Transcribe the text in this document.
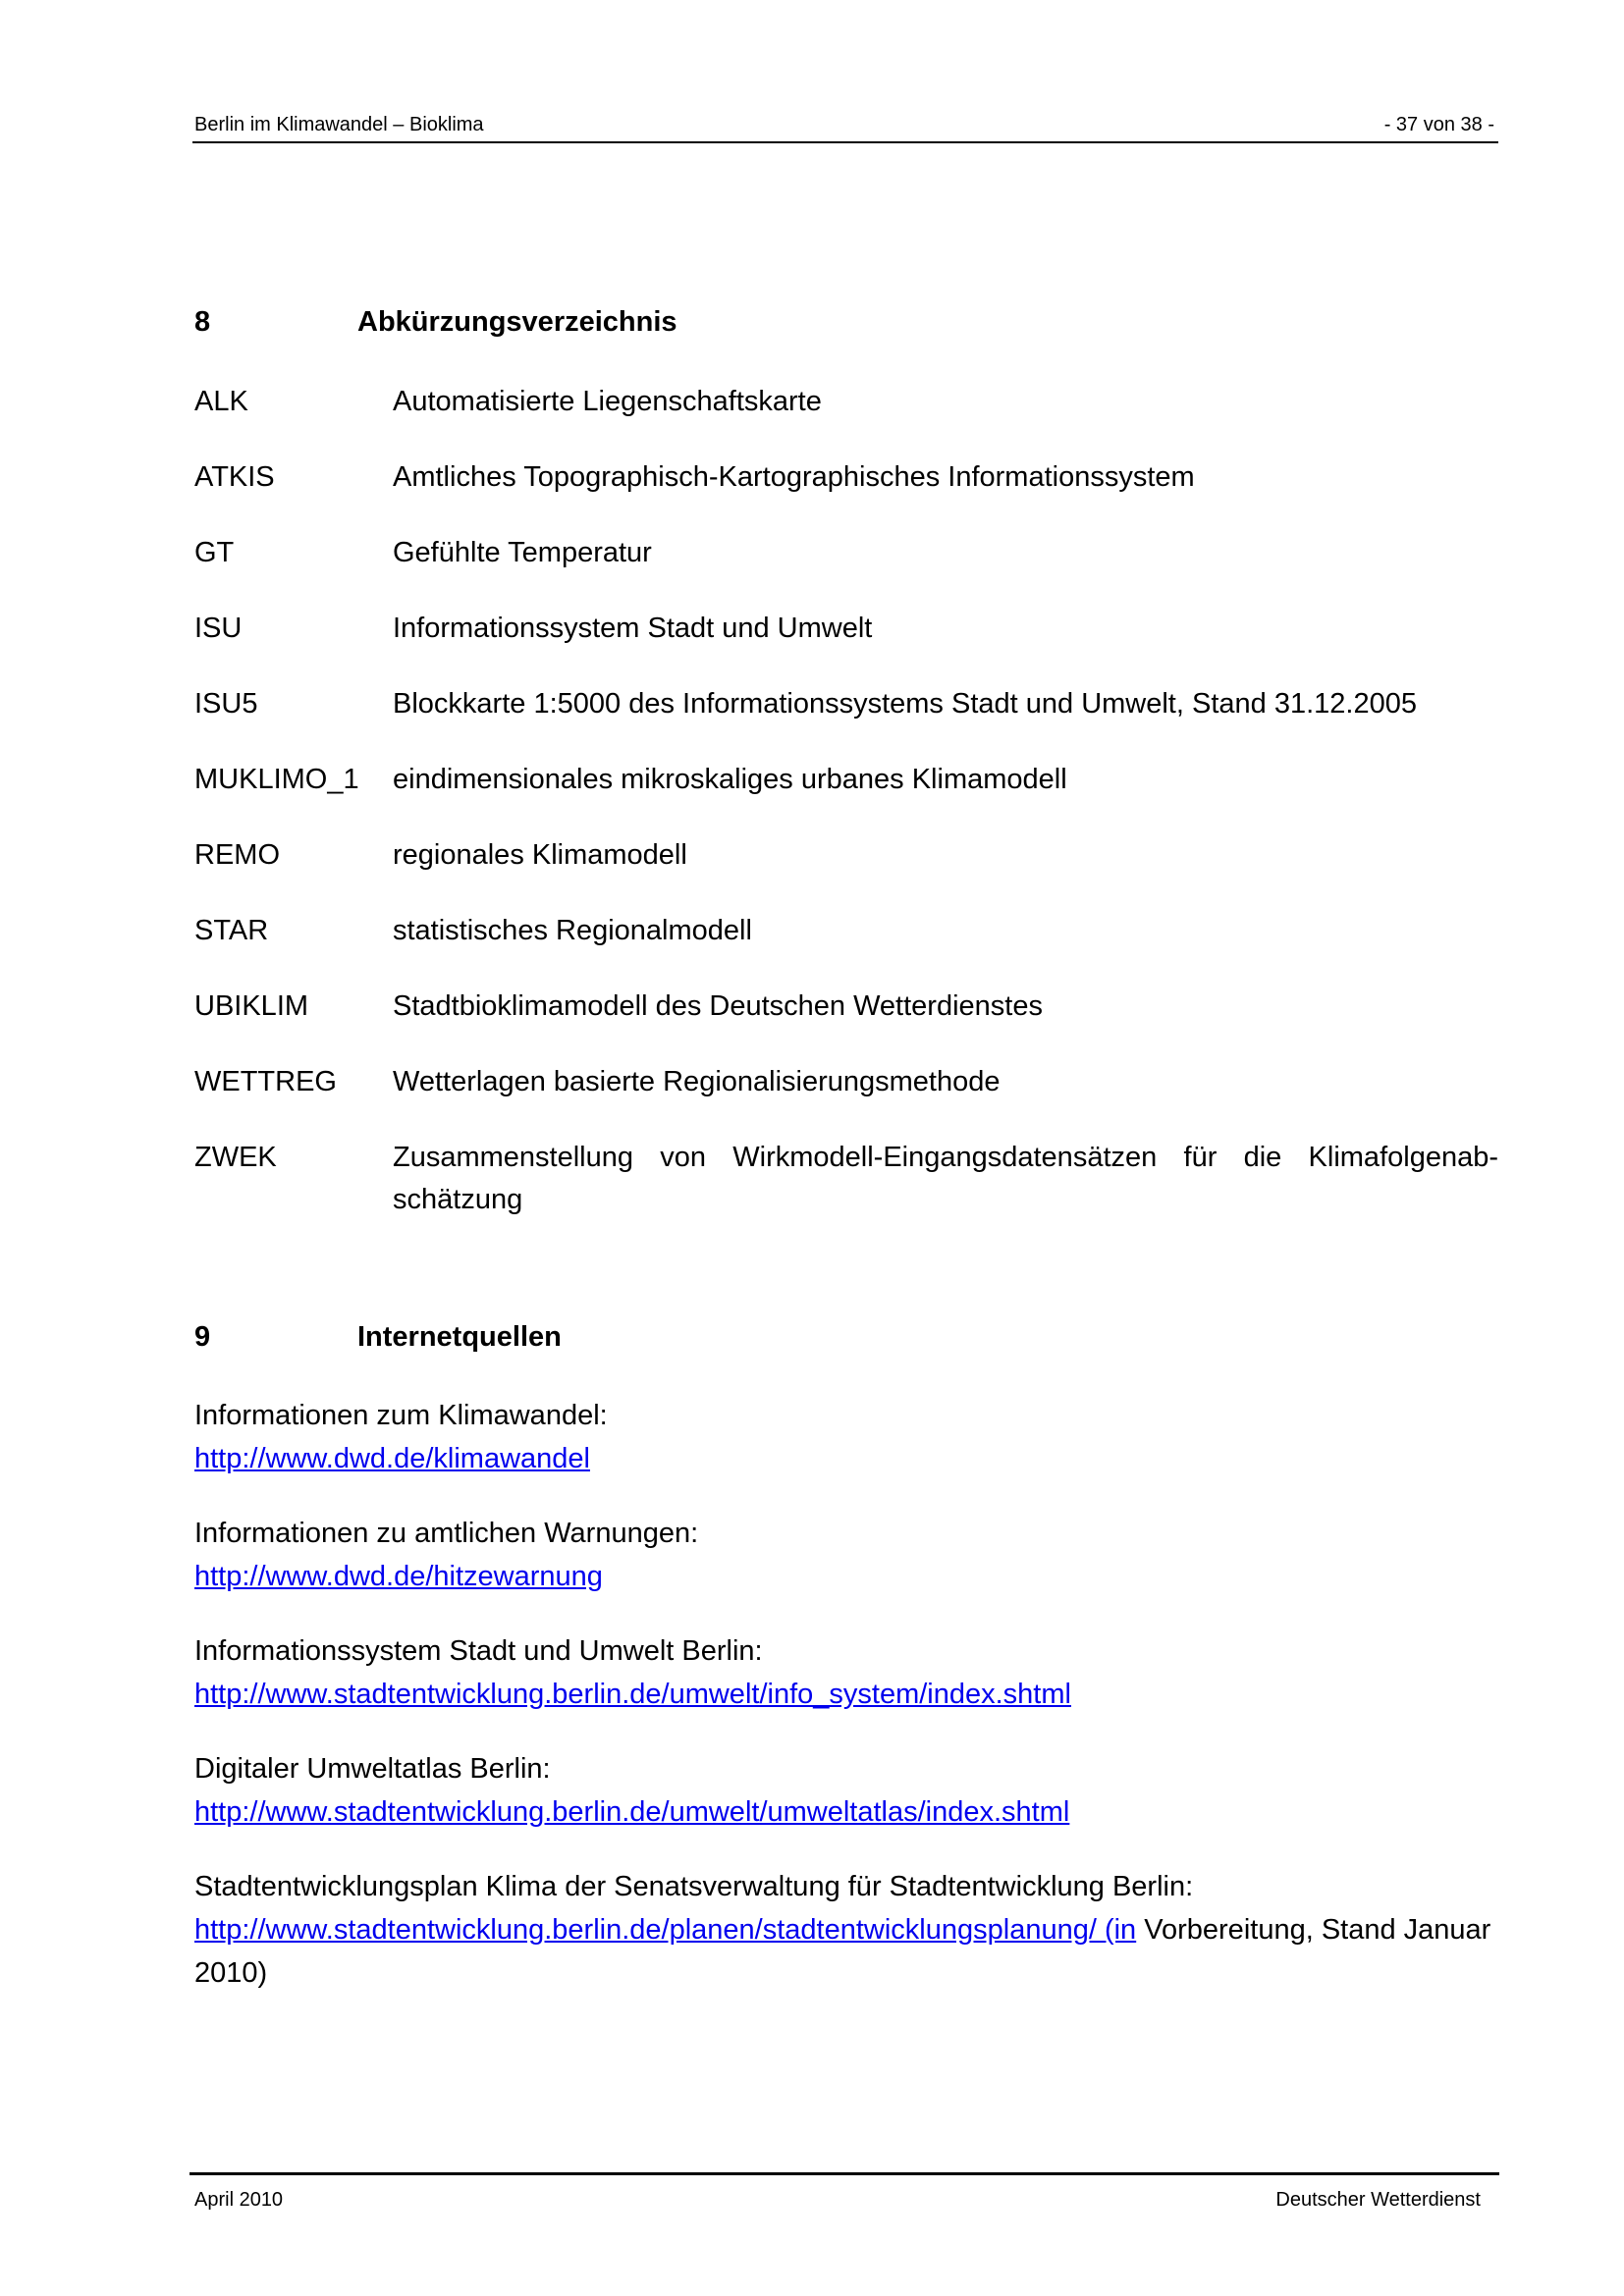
Berlin im Klimawandel – Bioklima	- 37 von 38 -
8	Abkürzungsverzeichnis
ALK	Automatisierte Liegenschaftskarte
ATKIS	Amtliches Topographisch-Kartographisches Informationssystem
GT	Gefühlte Temperatur
ISU	Informationssystem Stadt und Umwelt
ISU5	Blockkarte 1:5000 des Informationssystems Stadt und Umwelt, Stand 31.12.2005
MUKLIMO_1 eindimensionales mikroskaliges urbanes Klimamodell
REMO	regionales Klimamodell
STAR	statistisches Regionalmodell
UBIKLIM	Stadtbioklimamodell des Deutschen Wetterdienstes
WETTREG Wetterlagen basierte Regionalisierungsmethode
ZWEK	Zusammenstellung von Wirkmodell-Eingangsdatensätzen für die Klimafolgenab-schätzung
9	Internetquellen
Informationen zum Klimawandel:
http://www.dwd.de/klimawandel
Informationen zu amtlichen Warnungen:
http://www.dwd.de/hitzewarnung
Informationssystem Stadt und Umwelt Berlin:
http://www.stadtentwicklung.berlin.de/umwelt/info_system/index.shtml
Digitaler Umweltatlas Berlin:
http://www.stadtentwicklung.berlin.de/umwelt/umweltatlas/index.shtml
Stadtentwicklungsplan Klima der Senatsverwaltung für Stadtentwicklung Berlin:
http://www.stadtentwicklung.berlin.de/planen/stadtentwicklungsplanung/ (in Vorbereitung, Stand Januar 2010)
April 2010	Deutscher Wetterdienst
